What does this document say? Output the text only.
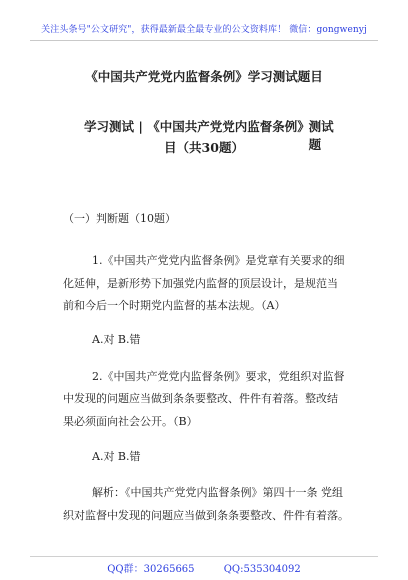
关注头条号"公文研究"，获得最新最全最专业的公文资料库！ 微信：gongwenyj
《中国共产党党内监督条例》学习测试题目
学习测试 | 《中国共产党党内监督条例》
测试题
目（共30题）
（一）判断题（10题）
1.《中国共产党党内监督条例》是党章有关要求的细
化延伸，是新形势下加强党内监督的顶层设计，是规范当
前和今后一个时期党内监督的基本法规。（A）
A.对 B.错
2.《中国共产党党内监督条例》要求，党组织对监督
中发现的问题应当做到条条要整改、件件有着落。整改结
果必须面向社会公开。（B）
A.对 B.错
解析：《中国共产党党内监督条例》第四十一条 党组
织对监督中发现的问题应当做到条条要整改、件件有着落。
QQ群：30265665	QQ:535304092
